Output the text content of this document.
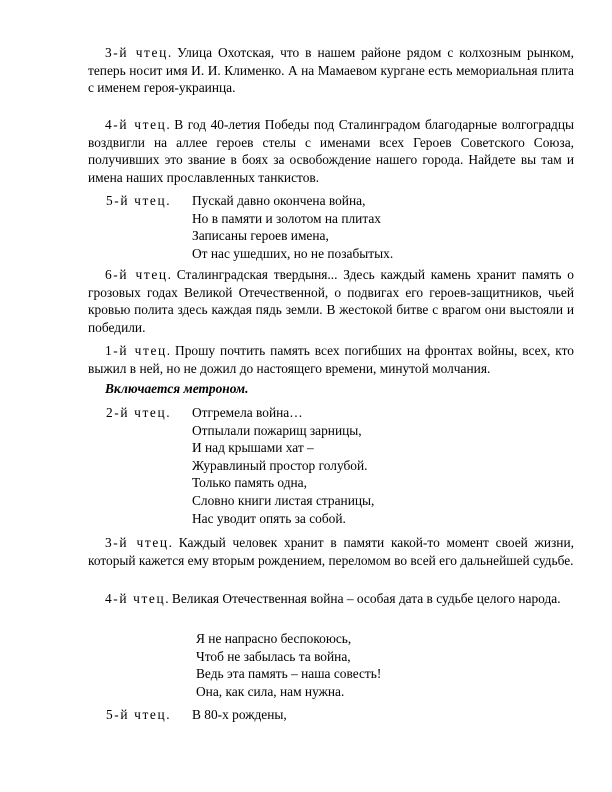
3-й чтец. Улица Охотская, что в нашем районе рядом с колхозным рынком, теперь носит имя И. И. Клименко. А на Мамаевом кургане есть мемориальная плита с именем героя-украинца.

4-й чтец. В год 40-летия Победы под Сталинградом благодарные волгоградцы воздвигли на аллее героев стелы с именами всех Героев Советского Союза, получивших это звание в боях за освобождение нашего города. Найдете вы там и имена наших прославленных танкистов.

5-й чтец. Пускай давно окончена война,
Но в памяти и золотом на плитах
Записаны героев имена,
От нас ушедших, но не позабытых.

6-й чтец. Сталинградская твердыня... Здесь каждый камень хранит память о грозовых годах Великой Отечественной, о подвигах его героев-защитников, чьей кровью полита здесь каждая пядь земли. В жестокой битве с врагом они выстояли и победили.

1-й чтец. Прошу почтить память всех погибших на фронтах войны, всех, кто выжил в ней, но не дожил до настоящего времени, минутой молчания.

Включается метроном.

2-й чтец. Отгремела война…
Отпылали пожарищ зарницы,
И над крышами хат –
Журавлиный простор голубой.
Только память одна,
Словно книги листая страницы,
Нас уводит опять за собой.

3-й чтец. Каждый человек хранит в памяти какой-то момент своей жизни, который кажется ему вторым рождением, переломом во всей его дальнейшей судьбе.

4-й чтец. Великая Отечественная война – особая дата в судьбе целого народа.

Я не напрасно беспокоюсь,
Чтоб не забылась та война,
Ведь эта память – наша совесть!
Она, как сила, нам нужна.
5-й чтец. В 80-х рождены,
